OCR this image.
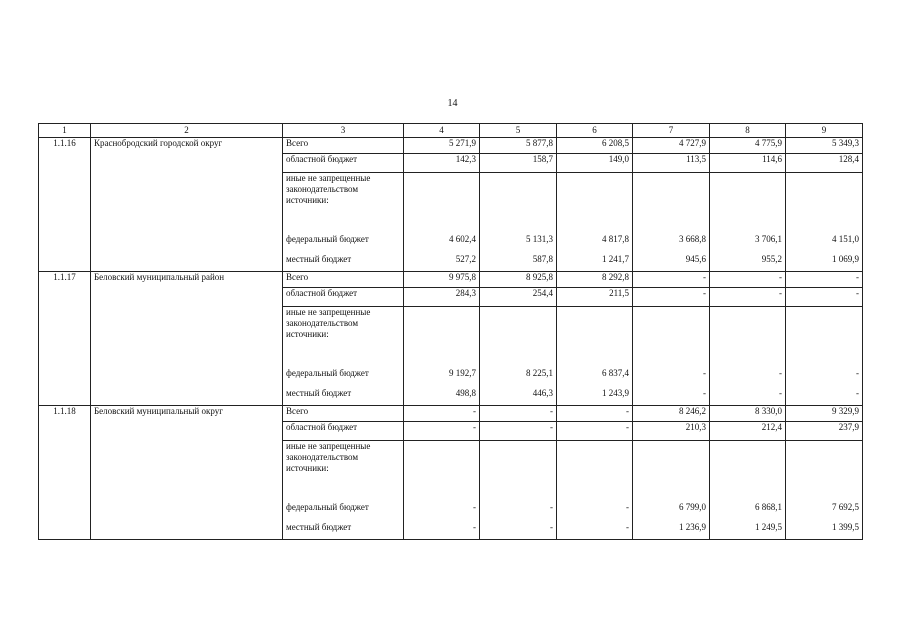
14
1	2	3	4	5	6	7	8	9
1.1.16	Краснобродский городской округ	Всего	5 271,9	5 877,8	6 208,5	4 727,9	4 775,9	5 349,3
		областной бюджет	142,3	158,7	149,0	113,5	114,6	128,4
		иные не запрещенные законодательством источники:						
		федеральный бюджет	4 602,4	5 131,3	4 817,8	3 668,8	3 706,1	4 151,0
		местный бюджет	527,2	587,8	1 241,7	945,6	955,2	1 069,9

1.1.17	Беловский муниципальный район	Всего	9 975,8	8 925,8	8 292,8	-	-	-
		областной бюджет	284,3	254,4	211,5	-	-	-
		иные не запрещенные законодательством источники:						
		федеральный бюджет	9 192,7	8 225,1	6 837,4	-	-	-
		местный бюджет	498,8	446,3	1 243,9	-	-	-

1.1.18	Беловский муниципальный округ	Всего	-	-	-	8 246,2	8 330,0	9 329,9
		областной бюджет	-	-	-	210,3	212,4	237,9
		иные не запрещенные законодательством источники:						
		федеральный бюджет	-	-	-	6 799,0	6 868,1	7 692,5
		местный бюджет	-	-	-	1 236,9	1 249,5	1 399,5
